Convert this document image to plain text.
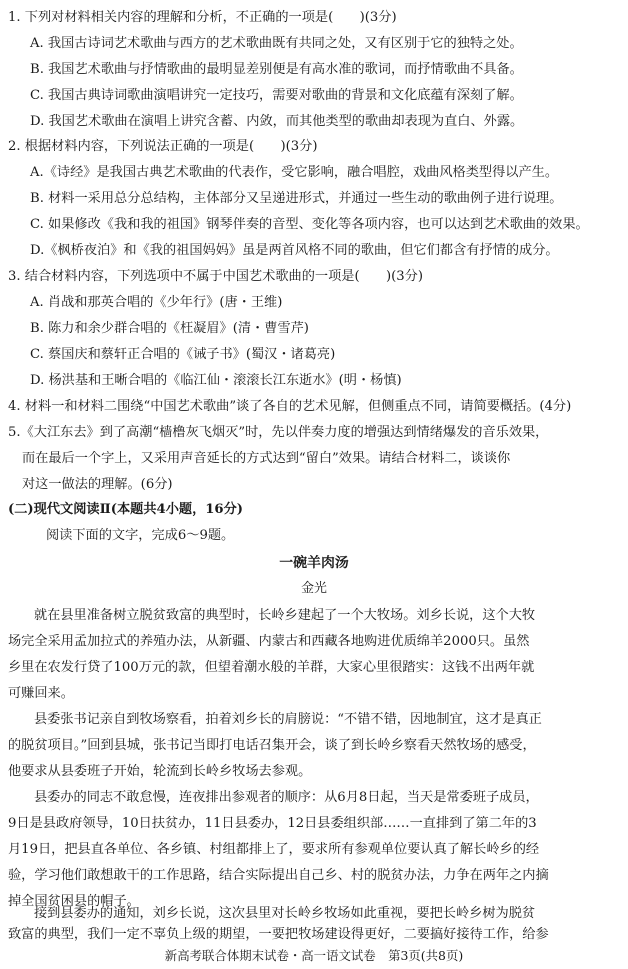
1. 下列对材料相关内容的理解和分析，不正确的一项是(　　)(3分)
A. 我国古诗词艺术歌曲与西方的艺术歌曲既有共同之处，又有区别于它的独特之处。
B. 我国艺术歌曲与抒情歌曲的最明显差别便是有高水准的歌词，而抒情歌曲不具备。
C. 我国古典诗词歌曲演唱讲究一定技巧，需要对歌曲的背景和文化底蕴有深刻了解。
D. 我国艺术歌曲在演唱上讲究含蓄、内敛，而其他类型的歌曲却表现为直白、外露。
2. 根据材料内容，下列说法正确的一项是(　　)(3分)
A.《诗经》是我国古典艺术歌曲的代表作，受它影响，融合唱腔，戏曲风格类型得以产生。
B. 材料一采用总分总结构，主体部分又呈递进形式，并通过一些生动的歌曲例子进行说理。
C. 如果修改《我和我的祖国》钢琴伴奏的音型、变化等各项内容，也可以达到艺术歌曲的效果。
D.《枫桥夜泊》和《我的祖国妈妈》虽是两首风格不同的歌曲，但它们都含有抒情的成分。
3. 结合材料内容，下列选项中不属于中国艺术歌曲的一项是(　　)(3分)
A. 肖战和那英合唱的《少年行》(唐・王维)
B. 陈力和余少群合唱的《枉凝眉》(清・曹雪芹)
C. 蔡国庆和蔡轩正合唱的《诫子书》(蜀汉・诸葛亮)
D. 杨洪基和王晰合唱的《临江仙・滚滚长江东逝水》(明・杨慎)
4. 材料一和材料二围绕“中国艺术歌曲”谈了各自的艺术见解，但侧重点不同，请简要概括。(4分)
5.《大江东去》到了高潮“樯橹灰飞烟灭”时，先以伴奏力度的增强达到情绪爆发的音乐效果，
而在最后一个字上，又采用声音延长的方式达到“留白”效果。请结合材料二，谈谈你
对这一做法的理解。(6分)
(二)现代文阅读Ⅱ(本题共4小题，16分)
阅读下面的文字，完成6～9题。
一碗羊肉汤
金光
就在县里准备树立脱贫致富的典型时，长岭乡建起了一个大牧场。刘乡长说，这个大牧
场完全采用孟加拉式的养殖办法，从新疆、内蒙古和西藏各地购进优质绵羊2000只。虽然
乡里在农发行贷了100万元的款，但望着潮水般的羊群，大家心里很踏实：这钱不出两年就
可赚回来。
县委张书记亲自到牧场察看，拍着刘乡长的肩膀说：“不错不错，因地制宜，这才是真正
的脱贫项目。”回到县城，张书记当即打电话召集开会，谈了到长岭乡察看天然牧场的感受，
他要求从县委班子开始，轮流到长岭乡牧场去参观。
县委办的同志不敢怠慢，连夜排出参观者的顺序：从6月8日起，当天是常委班子成员，
9日是县政府领导，10日扶贫办，11日县委办，12日县委组织部……一直排到了第二年的3
月19日，把县直各单位、各乡镇、村组都排上了，要求所有参观单位要认真了解长岭乡的经
验，学习他们敢想敢干的工作思路，结合实际提出自己乡、村的脱贫办法，力争在两年之内摘
掉全国贫困县的帽子。
接到县委办的通知，刘乡长说，这次县里对长岭乡牧场如此重视，要把长岭乡树为脱贫
致富的典型，我们一定不辜负上级的期望，一要把牧场建设得更好，二要搞好接待工作，给参
新高考联合体期末试卷・高一语文试卷　第3页(共8页)
